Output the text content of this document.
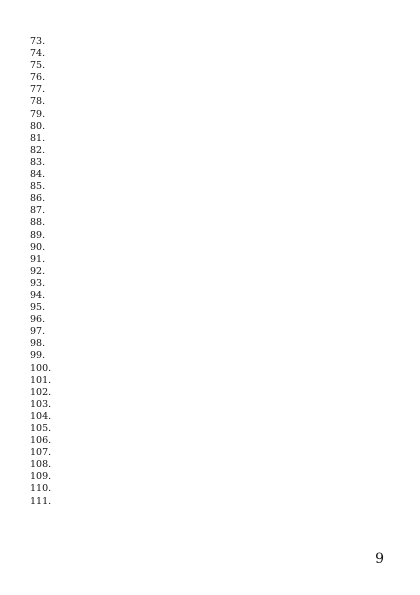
73.
74.
75.
76.
77.
78.
79.
80.
81.
82.
83.
84.
85.
86.
87.
88.
89.
90.
91.
92.
93.
94.
95.
96.
97.
98.
99.
100.
101.
102.
103.
104.
105.
106.
107.
108.
109.
110.
111.
9
